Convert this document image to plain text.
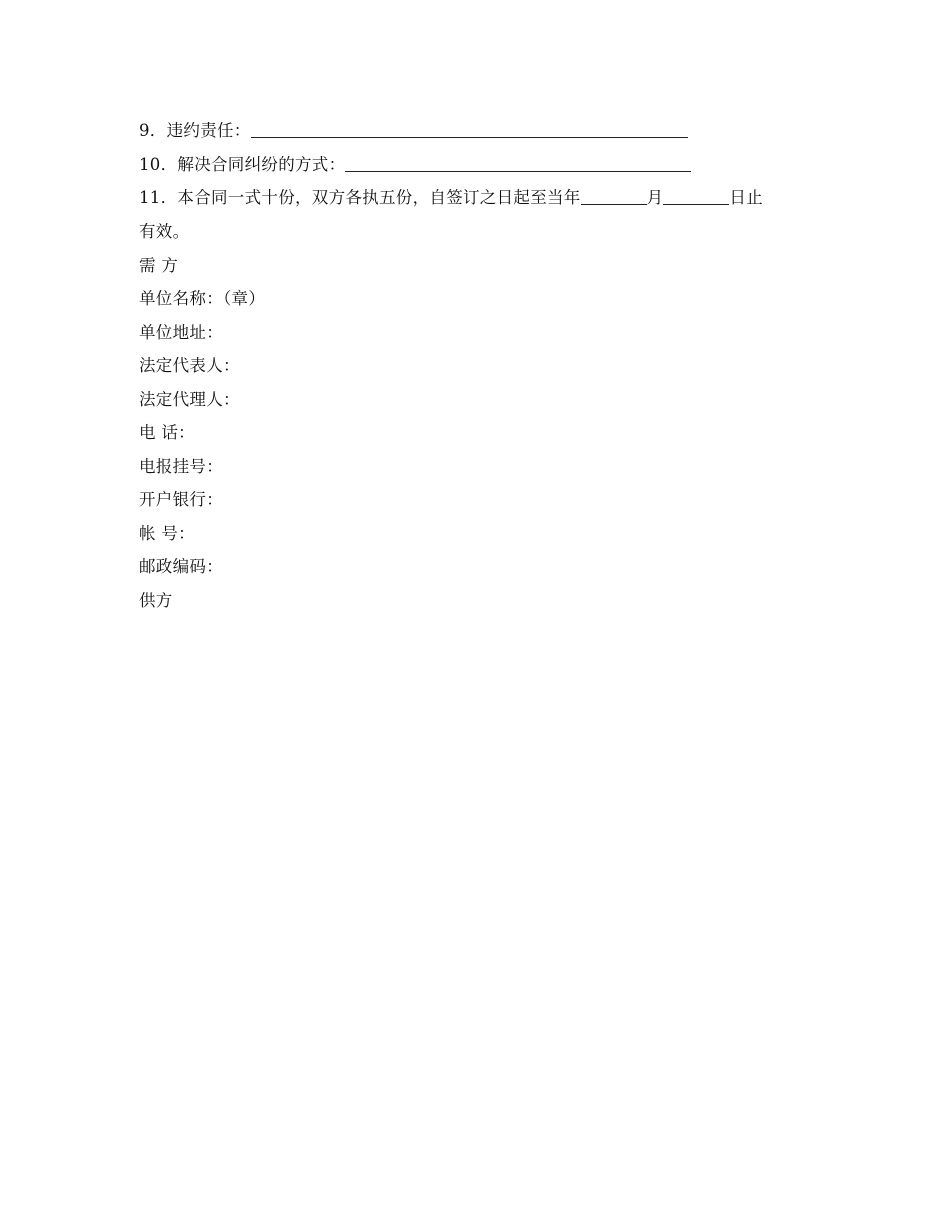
9．违约责任：
10．解决合同纠纷的方式：
11．本合同一式十份，双方各执五份，自签订之日起至当年	月	日止
有效。
需 方
单位名称：（章）
单位地址：
法定代表人：
法定代理人：
电 话：
电报挂号：
开户银行：
帐 号：
邮政编码：
供方
